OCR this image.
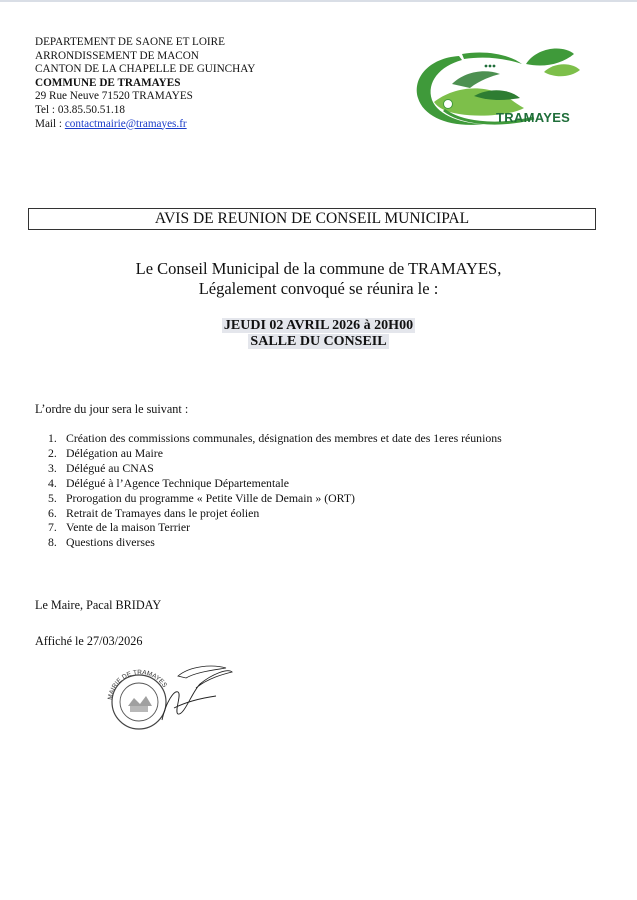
DEPARTEMENT DE SAONE ET LOIRE
ARRONDISSEMENT DE MACON
CANTON DE LA CHAPELLE DE GUINCHAY
COMMUNE DE TRAMAYES
29 Rue Neuve 71520 TRAMAYES
Tel : 03.85.50.51.18
Mail : contactmairie@tramayes.fr	TRAMAYES
AVIS DE REUNION DE CONSEIL MUNICIPAL
Le Conseil Municipal de la commune de TRAMAYES,
Légalement convoqué se réunira le :
JEUDI 02 AVRIL 2026 à 20H00
SALLE DU CONSEIL
L’ordre du jour sera le suivant :
1. Création des commissions communales, désignation des membres et date des 1eres réunions
2. Délégation au Maire
3. Délégué au CNAS
4. Délégué à l’Agence Technique Départementale
5. Prorogation du programme « Petite Ville de Demain » (ORT)
6. Retrait de Tramayes dans le projet éolien
7. Vente de la maison Terrier
8. Questions diverses
Le Maire, Pacal BRIDAY
Affiché le 27/03/2026
MAIRIE DE TRAMAYES
